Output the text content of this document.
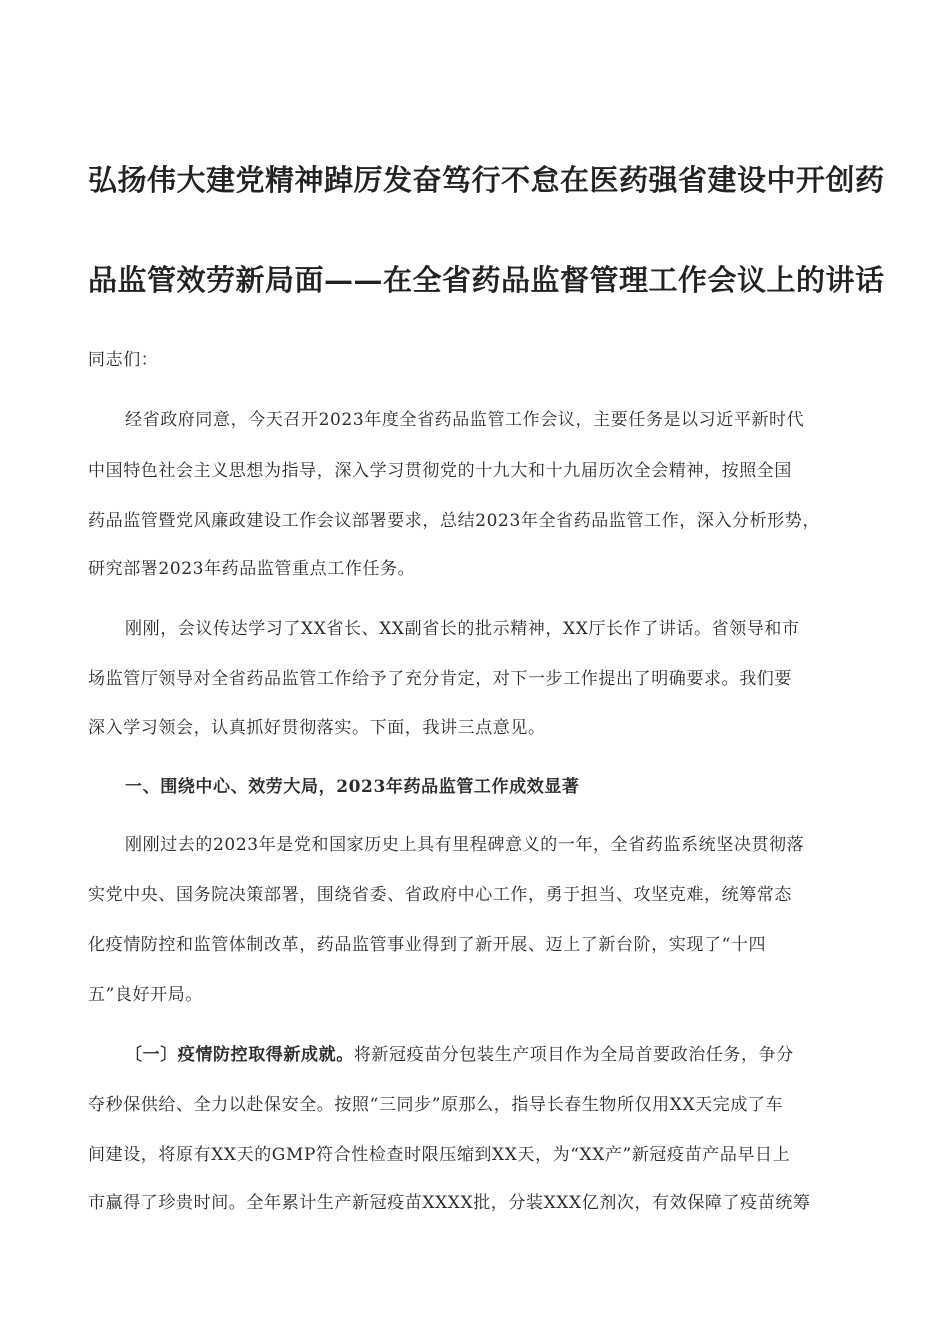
弘扬伟大建党精神踔厉发奋笃行不怠在医药强省建设中开创药
品监管效劳新局面——在全省药品监督管理工作会议上的讲话
同志们：
经省政府同意，今天召开2023年度全省药品监管工作会议，主要任务是以习近平新时代
中国特色社会主义思想为指导，深入学习贯彻党的十九大和十九届历次全会精神，按照全国
药品监管暨党风廉政建设工作会议部署要求，总结2023年全省药品监管工作，深入分析形势，
研究部署2023年药品监管重点工作任务。
刚刚，会议传达学习了XX省长、XX副省长的批示精神，XX厅长作了讲话。省领导和市
场监管厅领导对全省药品监管工作给予了充分肯定，对下一步工作提出了明确要求。我们要
深入学习领会，认真抓好贯彻落实。下面，我讲三点意见。
一、围绕中心、效劳大局，2023年药品监管工作成效显著
刚刚过去的2023年是党和国家历史上具有里程碑意义的一年，全省药监系统坚决贯彻落
实党中央、国务院决策部署，围绕省委、省政府中心工作，勇于担当、攻坚克难，统筹常态
化疫情防控和监管体制改革，药品监管事业得到了新开展、迈上了新台阶，实现了“十四
五”良好开局。
〔一〕疫情防控取得新成就。将新冠疫苗分包装生产项目作为全局首要政治任务，争分
夺秒保供给、全力以赴保安全。按照“三同步”原那么，指导长春生物所仅用XX天完成了车
间建设，将原有XX天的GMP符合性检查时限压缩到XX天，为“XX产”新冠疫苗产品早日上
市赢得了珍贵时间。全年累计生产新冠疫苗XXXX批，分装XXX亿剂次，有效保障了疫苗统筹
